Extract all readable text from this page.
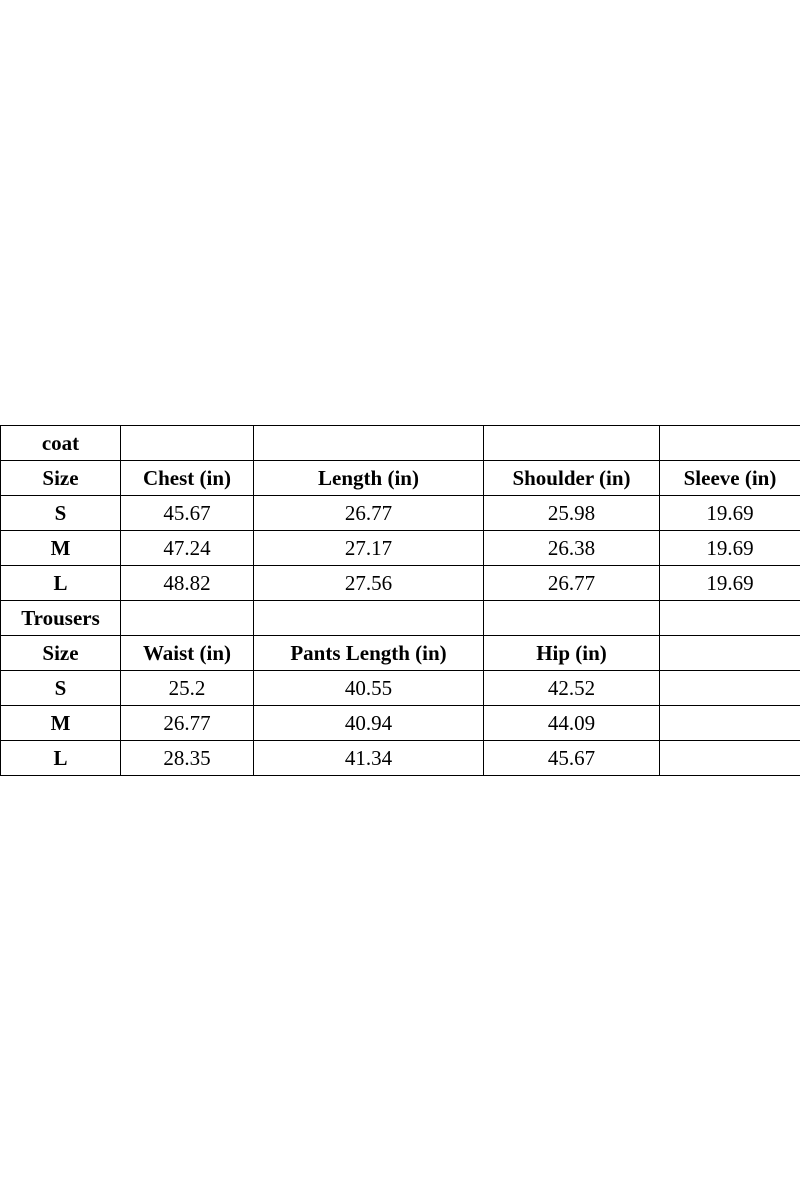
coat				
Size	Chest (in)	Length (in)	Shoulder (in)	Sleeve (in)
S	45.67	26.77	25.98	19.69
M	47.24	27.17	26.38	19.69
L	48.82	27.56	26.77	19.69
Trousers				
Size	Waist (in)	Pants Length (in)	Hip (in)	
S	25.2	40.55	42.52	
M	26.77	40.94	44.09	
L	28.35	41.34	45.67	
